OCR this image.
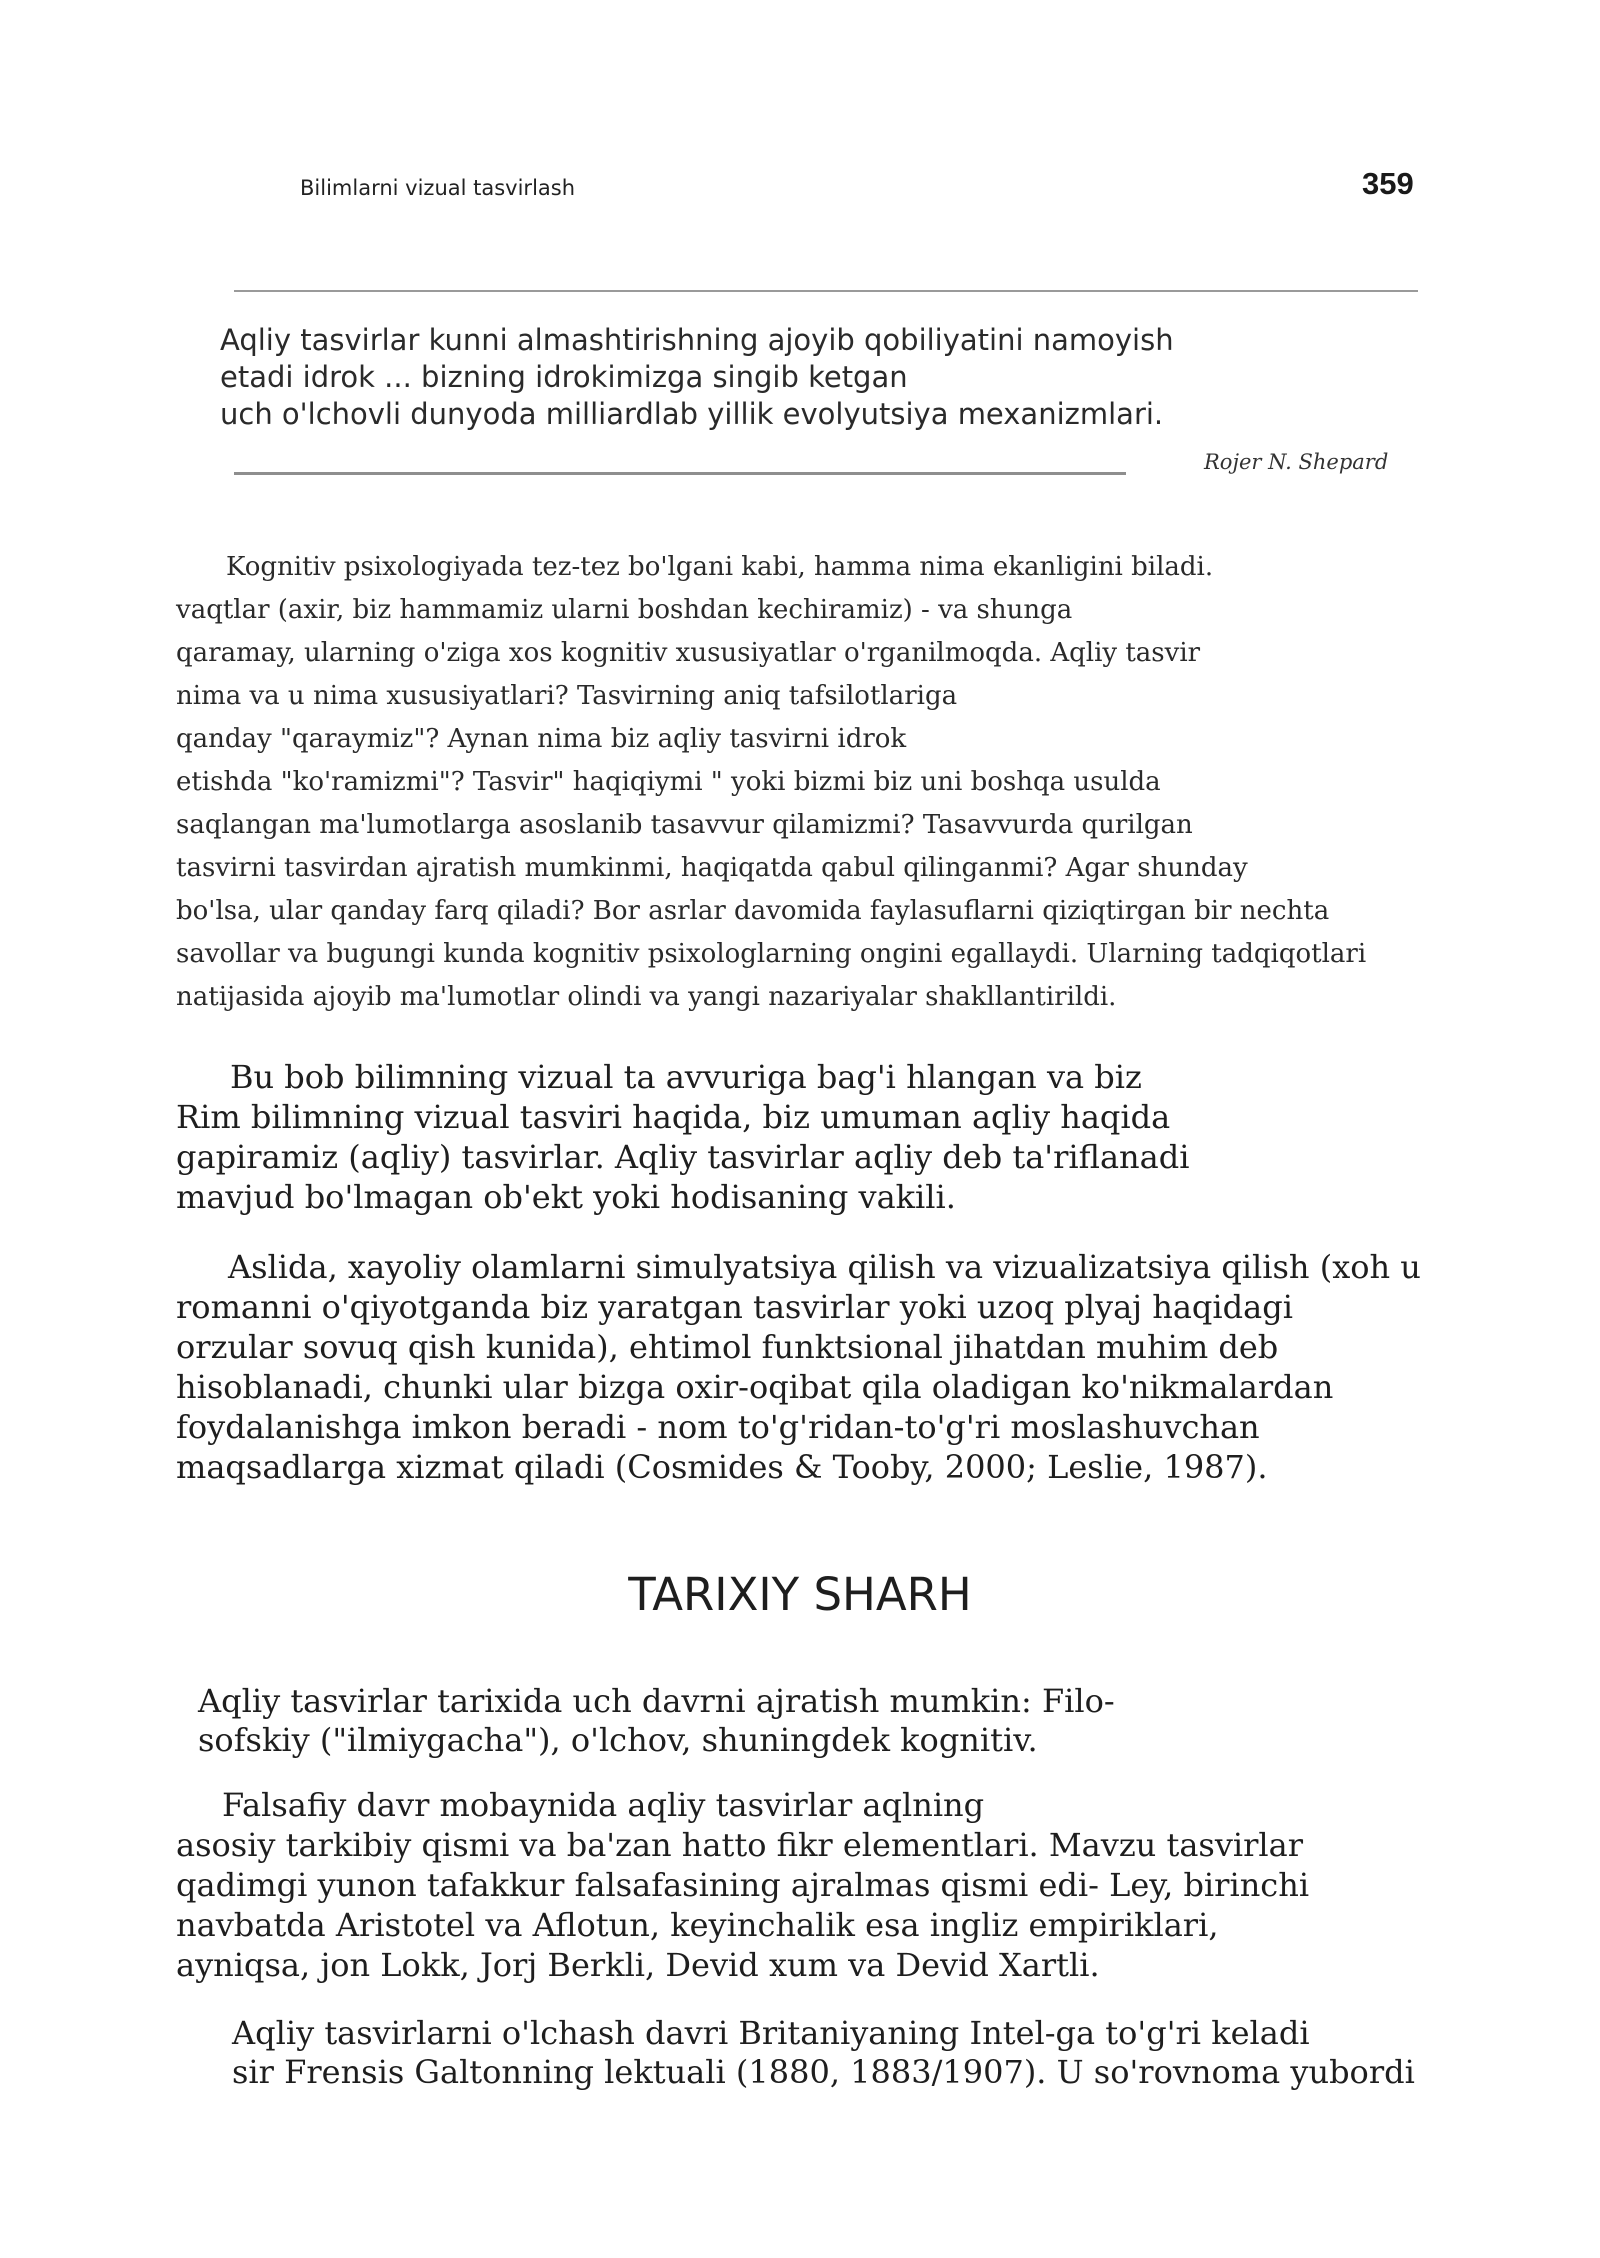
Bilimlarni vizual tasvirlash	359
Aqliy tasvirlar kunni almashtirishning ajoyib qobiliyatini namoyish
etadi idrok ... bizning idrokimizga singib ketgan
uch o'lchovli dunyoda milliardlab yillik evolyutsiya mexanizmlari.
Rojer N. Shepard
Kognitiv psixologiyada tez-tez bo'lgani kabi, hamma nima ekanligini biladi.
vaqtlar (axir, biz hammamiz ularni boshdan kechiramiz) - va shunga
qaramay, ularning o'ziga xos kognitiv xususiyatlar o'rganilmoqda. Aqliy tasvir
nima va u nima xususiyatlari? Tasvirning aniq tafsilotlariga
qanday "qaraymiz"? Aynan nima biz aqliy tasvirni idrok
etishda "ko'ramizmi"? Tasvir" haqiqiymi " yoki bizmi biz uni boshqa usulda
saqlangan ma'lumotlarga asoslanib tasavvur qilamizmi? Tasavvurda qurilgan
tasvirni tasvirdan ajratish mumkinmi, haqiqatda qabul qilinganmi? Agar shunday
bo'lsa, ular qanday farq qiladi? Bor asrlar davomida faylasuflarni qiziqtirgan bir nechta
savollar va bugungi kunda kognitiv psixologlarning ongini egallaydi. Ularning tadqiqotlari
natijasida ajoyib ma'lumotlar olindi va yangi nazariyalar shakllantirildi.
Bu bob bilimning vizual ta avvuriga bag'i hlangan va biz
Rim bilimning vizual tasviri haqida, biz umuman aqliy haqida
gapiramiz (aqliy) tasvirlar. Aqliy tasvirlar aqliy deb ta'riflanadi
mavjud bo'lmagan ob'ekt yoki hodisaning vakili.
Aslida, xayoliy olamlarni simulyatsiya qilish va vizualizatsiya qilish (xoh u
romanni o'qiyotganda biz yaratgan tasvirlar yoki uzoq plyaj haqidagi
orzular sovuq qish kunida), ehtimol funktsional jihatdan muhim deb
hisoblanadi, chunki ular bizga oxir-oqibat qila oladigan ko'nikmalardan
foydalanishga imkon beradi - nom to'g'ridan-to'g'ri moslashuvchan
maqsadlarga xizmat qiladi (Cosmides & Tooby, 2000; Leslie, 1987).
TARIXIY SHARH
Aqliy tasvirlar tarixida uch davrni ajratish mumkin: Filo-
sofskiy ("ilmiygacha"), o'lchov, shuningdek kognitiv.
Falsafiy davr mobaynida aqliy tasvirlar aqlning
asosiy tarkibiy qismi va ba'zan hatto fikr elementlari. Mavzu tasvirlar
qadimgi yunon tafakkur falsafasining ajralmas qismi edi- Ley, birinchi
navbatda Aristotel va Aflotun, keyinchalik esa ingliz empiriklari,
ayniqsa, jon Lokk, Jorj Berkli, Devid xum va Devid Xartli.
Aqliy tasvirlarni o'lchash davri Britaniyaning Intel-ga to'g'ri keladi
sir Frensis Galtonning lektuali (1880, 1883/1907). U so'rovnoma yubordi
